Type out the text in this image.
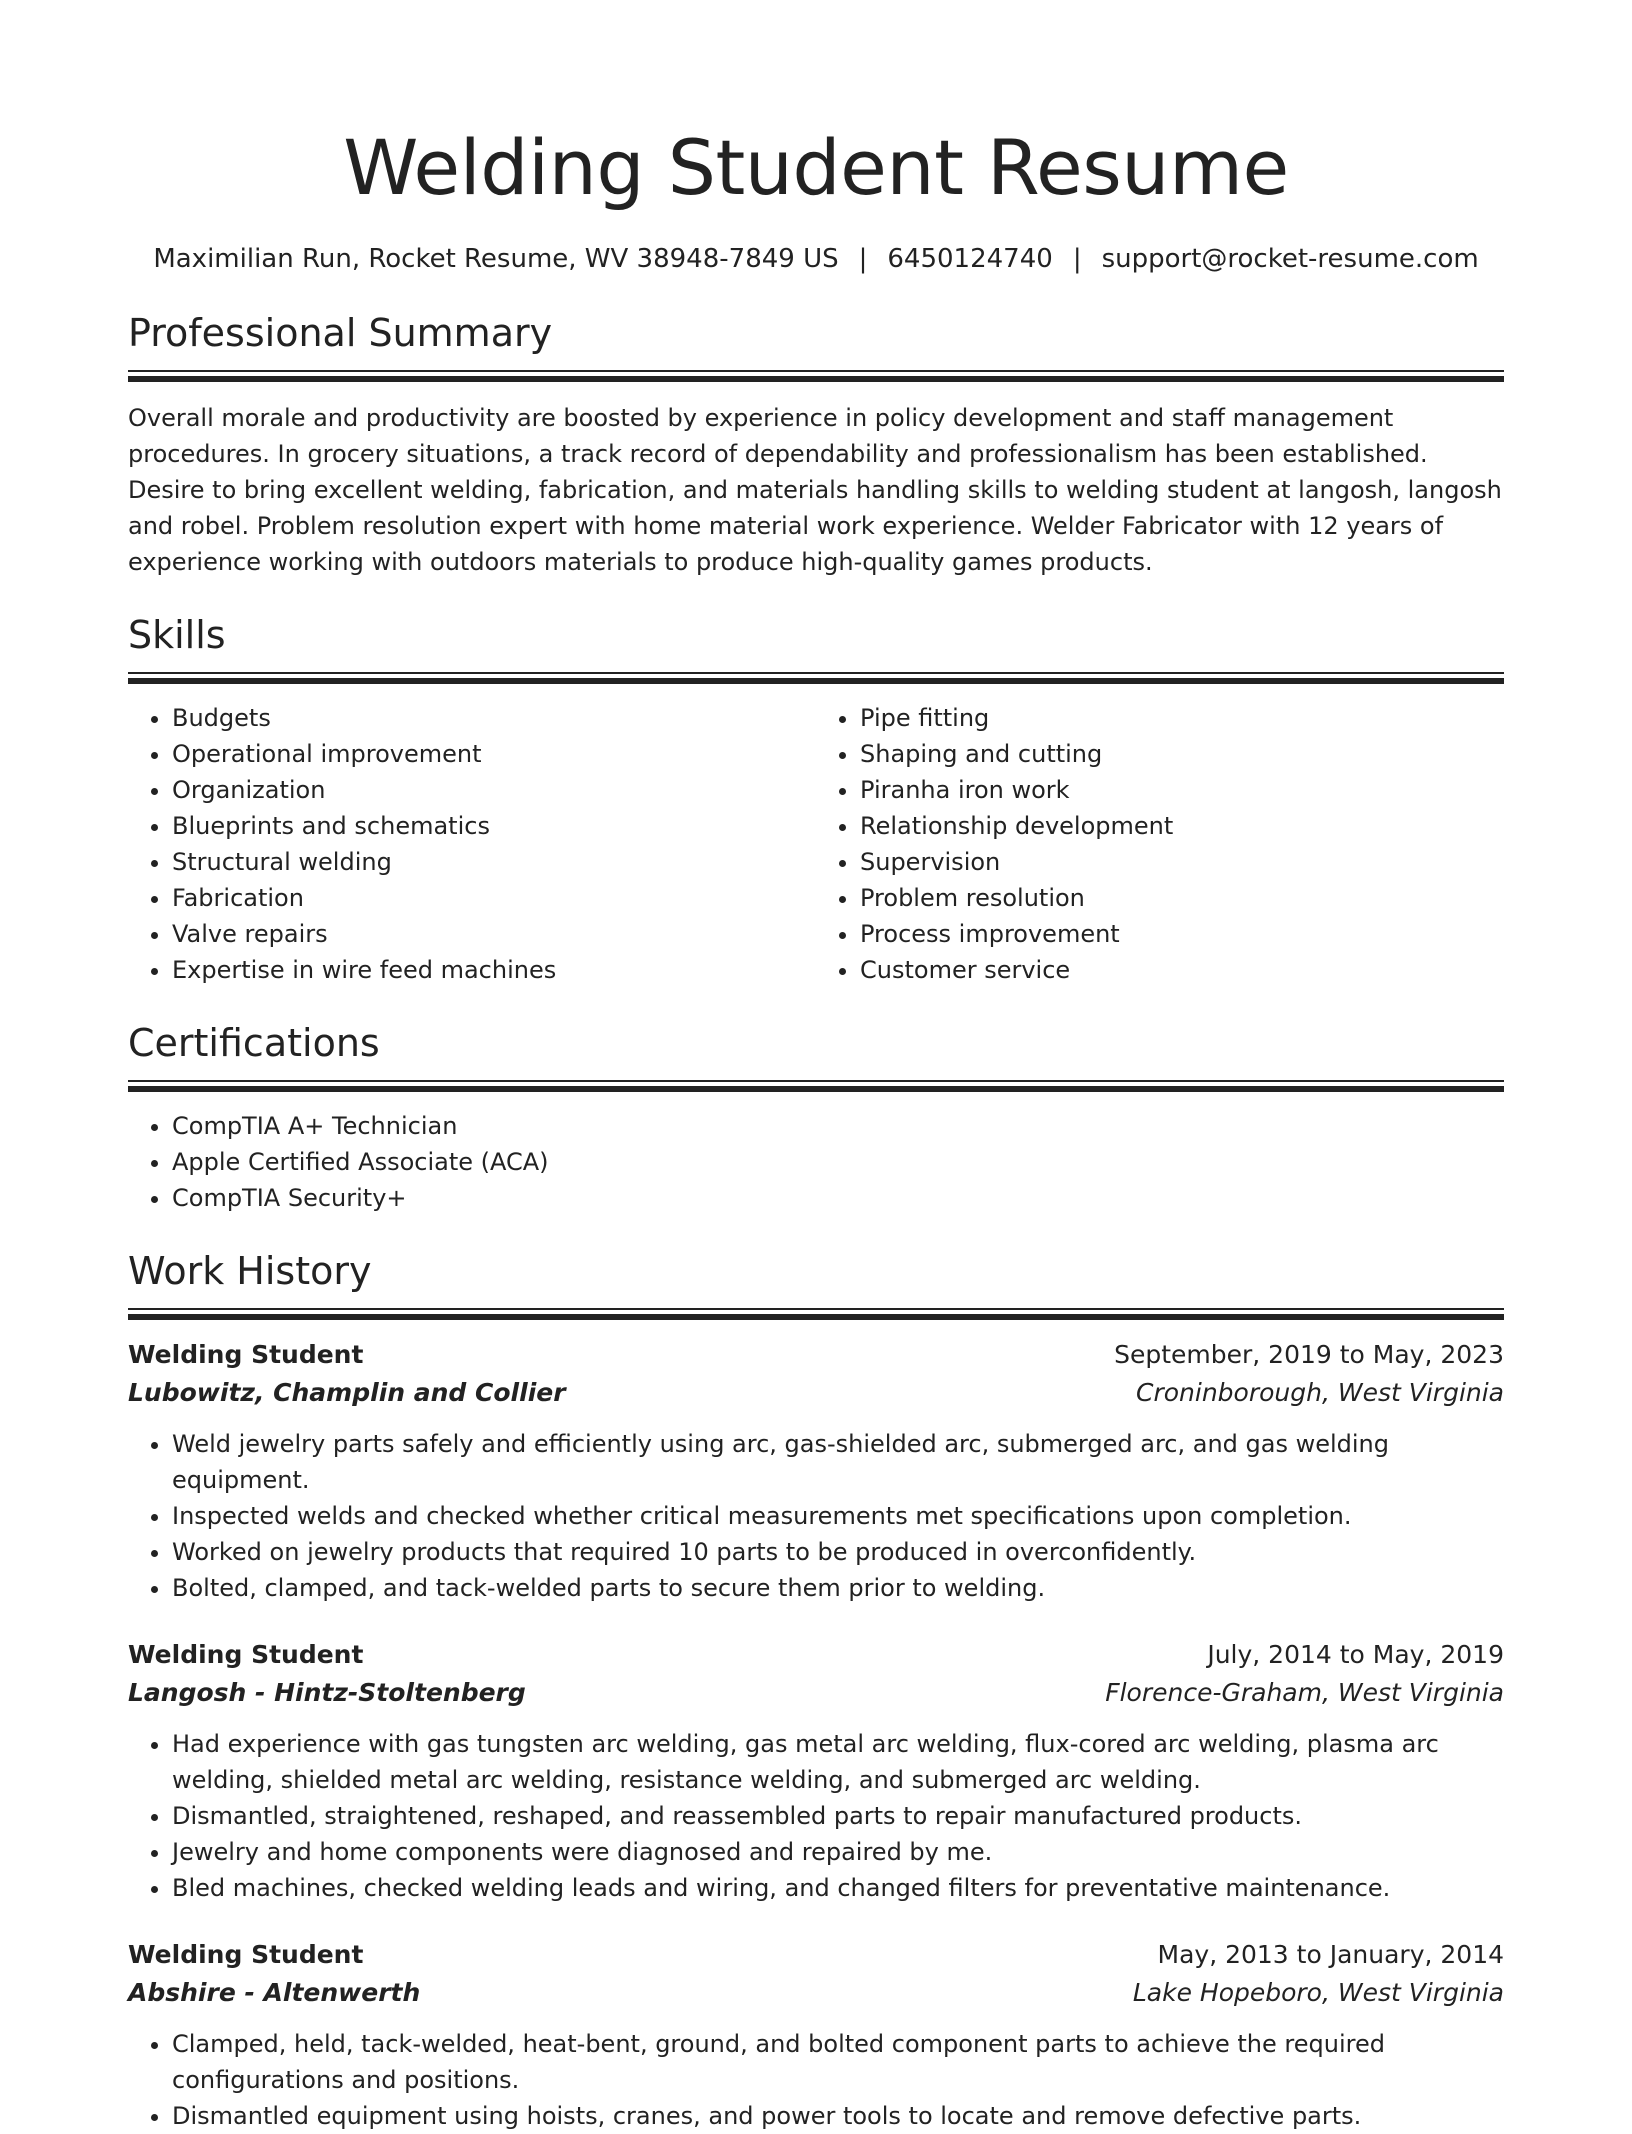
Welding Student Resume
Maximilian Run, Rocket Resume, WV 38948-7849 US | 6450124740 | support@rocket-resume.com
Professional Summary
Overall morale and productivity are boosted by experience in policy development and staff management procedures. In grocery situations, a track record of dependability and professionalism has been established. Desire to bring excellent welding, fabrication, and materials handling skills to welding student at langosh, langosh and robel. Problem resolution expert with home material work experience. Welder Fabricator with 12 years of experience working with outdoors materials to produce high-quality games products.
Skills
• Budgets
• Operational improvement
• Organization
• Blueprints and schematics
• Structural welding
• Fabrication
• Valve repairs
• Expertise in wire feed machines
• Pipe fitting
• Shaping and cutting
• Piranha iron work
• Relationship development
• Supervision
• Problem resolution
• Process improvement
• Customer service
Certifications
• CompTIA A+ Technician
• Apple Certified Associate (ACA)
• CompTIA Security+
Work History
Welding Student	September, 2019 to May, 2023
Lubowitz, Champlin and Collier	Croninborough, West Virginia
• Weld jewelry parts safely and efficiently using arc, gas-shielded arc, submerged arc, and gas welding equipment.
• Inspected welds and checked whether critical measurements met specifications upon completion.
• Worked on jewelry products that required 10 parts to be produced in overconfidently.
• Bolted, clamped, and tack-welded parts to secure them prior to welding.
Welding Student	July, 2014 to May, 2019
Langosh - Hintz-Stoltenberg	Florence-Graham, West Virginia
• Had experience with gas tungsten arc welding, gas metal arc welding, flux-cored arc welding, plasma arc welding, shielded metal arc welding, resistance welding, and submerged arc welding.
• Dismantled, straightened, reshaped, and reassembled parts to repair manufactured products.
• Jewelry and home components were diagnosed and repaired by me.
• Bled machines, checked welding leads and wiring, and changed filters for preventative maintenance.
Welding Student	May, 2013 to January, 2014
Abshire - Altenwerth	Lake Hopeboro, West Virginia
• Clamped, held, tack-welded, heat-bent, ground, and bolted component parts to achieve the required configurations and positions.
• Dismantled equipment using hoists, cranes, and power tools to locate and remove defective parts.
